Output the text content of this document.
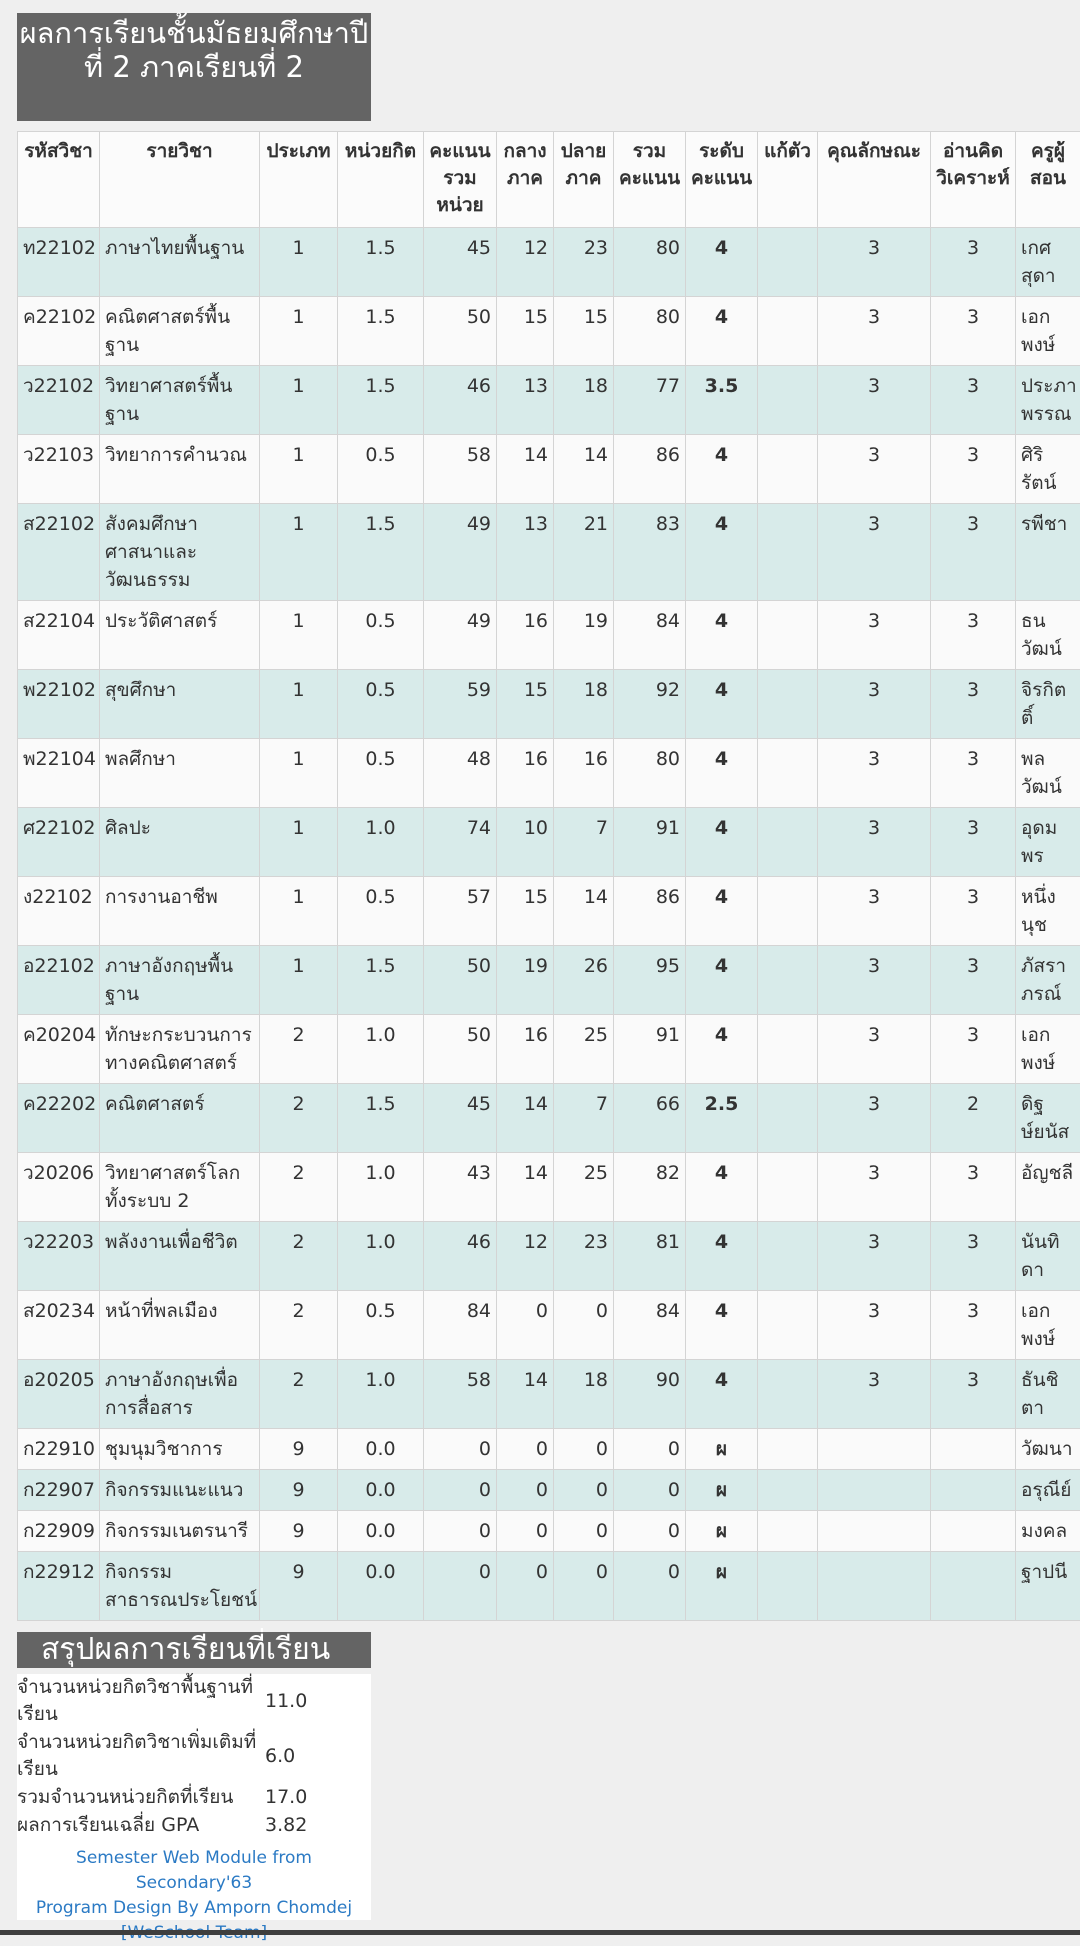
ผลการเรียนชั้นมัธยมศึกษาปีที่ 2 ภาคเรียนที่ 2
รหัสวิชา	รายวิชา	ประเภท	หน่วยกิต	คะแนนรวมหน่วย	กลางภาค	ปลายภาค	รวมคะแนน	ระดับคะแนน	แก้ตัว	คุณลักษณะ	อ่านคิดวิเคราะห์	ครูผู้สอน
ท22102	ภาษาไทยพื้นฐาน	1	1.5	45	12	23	80	4		3	3	เกศสุดา
ค22102	คณิตศาสตร์พื้นฐาน	1	1.5	50	15	15	80	4		3	3	เอกพงษ์
ว22102	วิทยาศาสตร์พื้นฐาน	1	1.5	46	13	18	77	3.5		3	3	ประภาพรรณ
ว22103	วิทยาการคำนวณ	1	0.5	58	14	14	86	4		3	3	ศิริรัตน์
ส22102	สังคมศึกษา ศาสนาและวัฒนธรรม	1	1.5	49	13	21	83	4		3	3	รพีชา
ส22104	ประวัติศาสตร์	1	0.5	49	16	19	84	4		3	3	ธนวัฒน์
พ22102	สุขศึกษา	1	0.5	59	15	18	92	4		3	3	จิรกิตติ์
พ22104	พลศึกษา	1	0.5	48	16	16	80	4		3	3	พลวัฒน์
ศ22102	ศิลปะ	1	1.0	74	10	7	91	4		3	3	อุดมพร
ง22102	การงานอาชีพ	1	0.5	57	15	14	86	4		3	3	หนึ่งนุช
อ22102	ภาษาอังกฤษพื้นฐาน	1	1.5	50	19	26	95	4		3	3	ภัสราภรณ์
ค20204	ทักษะกระบวนการทางคณิตศาสตร์	2	1.0	50	16	25	91	4		3	3	เอกพงษ์
ค22202	คณิตศาสตร์	2	1.5	45	14	7	66	2.5		3	2	ดิฐษ์ยนัส
ว20206	วิทยาศาสตร์โลกทั้งระบบ 2	2	1.0	43	14	25	82	4		3	3	อัญชลี
ว22203	พลังงานเพื่อชีวิต	2	1.0	46	12	23	81	4		3	3	นันทิดา
ส20234	หน้าที่พลเมือง	2	0.5	84	0	0	84	4		3	3	เอกพงษ์
อ20205	ภาษาอังกฤษเพื่อการสื่อสาร	2	1.0	58	14	18	90	4		3	3	ธันชิตา
ก22910	ชุมนุมวิชาการ	9	0.0	0	0	0	0	ผ				วัฒนา
ก22907	กิจกรรมแนะแนว	9	0.0	0	0	0	0	ผ				อรุณีย์
ก22909	กิจกรรมเนตรนารี	9	0.0	0	0	0	0	ผ				มงคล
ก22912	กิจกรรมสาธารณประโยชน์	9	0.0	0	0	0	0	ผ				ฐาปนี
สรุปผลการเรียนที่เรียน
จำนวนหน่วยกิตวิชาพื้นฐานที่เรียน
11.0
จำนวนหน่วยกิตวิชาเพิ่มเติมที่เรียน
6.0
รวมจำนวนหน่วยกิตที่เรียน	17.0
ผลการเรียนเฉลี่ย GPA	3.82
Semester Web Module from Secondary'63
Program Design By Amporn Chomdej
